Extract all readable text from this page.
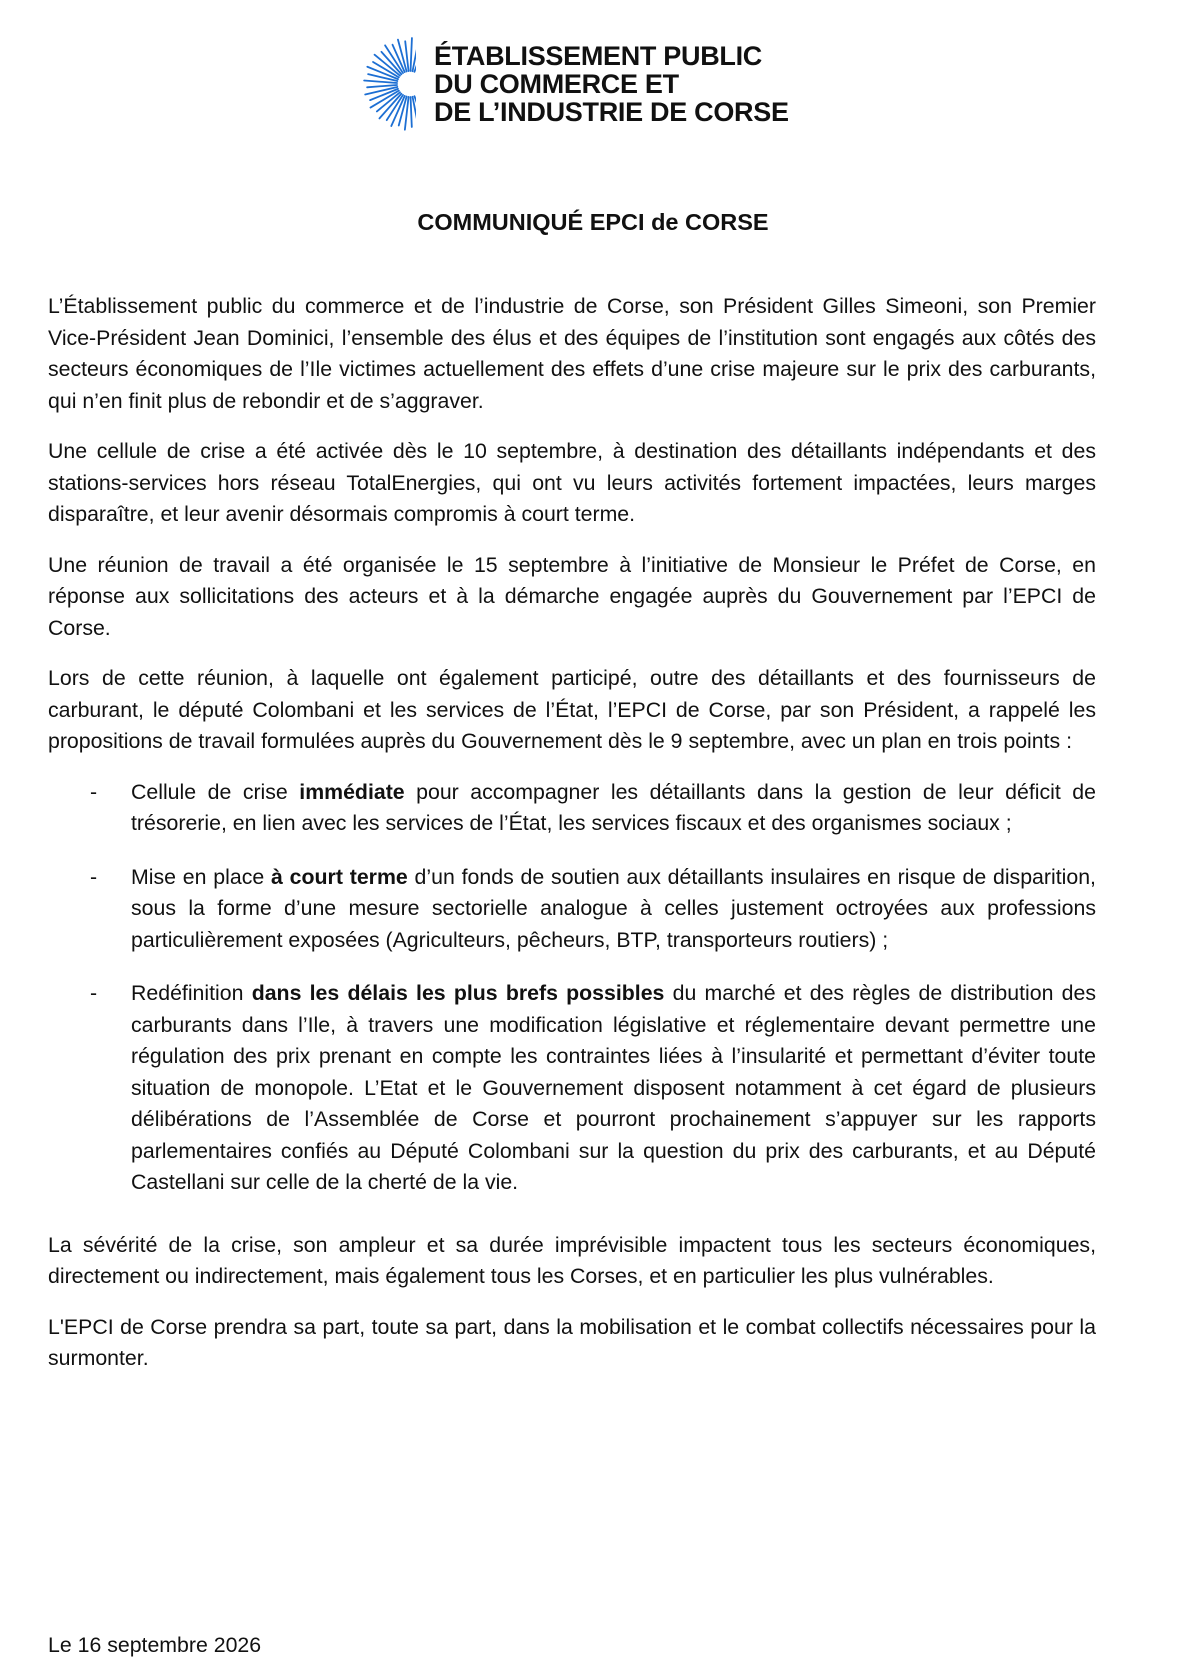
ÉTABLISSEMENT PUBLIC
DU COMMERCE ET
DE L’INDUSTRIE DE CORSE
COMMUNIQUÉ EPCI de CORSE

L’Établissement public du commerce et de l’industrie de Corse, son Président Gilles Simeoni, son Premier Vice-Président Jean Dominici, l’ensemble des élus et des équipes de l’institution sont engagés aux côtés des secteurs économiques de l’Ile victimes actuellement des effets d’une crise majeure sur le prix des carburants, qui n’en finit plus de rebondir et de s’aggraver.

Une cellule de crise a été activée dès le 10 septembre, à destination des détaillants indépendants et des stations-services hors réseau TotalEnergies, qui ont vu leurs activités fortement impactées, leurs marges disparaître, et leur avenir désormais compromis à court terme.

Une réunion de travail a été organisée le 15 septembre à l’initiative de Monsieur le Préfet de Corse, en réponse aux sollicitations des acteurs et à la démarche engagée auprès du Gouvernement par l’EPCI de Corse.

Lors de cette réunion, à laquelle ont également participé, outre des détaillants et des fournisseurs de carburant, le député Colombani et les services de l’État, l’EPCI de Corse, par son Président, a rappelé les propositions de travail formulées auprès du Gouvernement dès le 9 septembre, avec un plan en trois points :

- Cellule de crise immédiate pour accompagner les détaillants dans la gestion de leur déficit de trésorerie, en lien avec les services de l’État, les services fiscaux et des organismes sociaux ;
- Mise en place à court terme d’un fonds de soutien aux détaillants insulaires en risque de disparition, sous la forme d’une mesure sectorielle analogue à celles justement octroyées aux professions particulièrement exposées (Agriculteurs, pêcheurs, BTP, transporteurs routiers) ;
- Redéfinition dans les délais les plus brefs possibles du marché et des règles de distribution des carburants dans l’Ile, à travers une modification législative et réglementaire devant permettre une régulation des prix prenant en compte les contraintes liées à l’insularité et permettant d’éviter toute situation de monopole. L’Etat et le Gouvernement disposent notamment à cet égard de plusieurs délibérations de l’Assemblée de Corse et pourront prochainement s’appuyer sur les rapports parlementaires confiés au Député Colombani sur la question du prix des carburants, et au Député Castellani sur celle de la cherté de la vie.

La sévérité de la crise, son ampleur et sa durée imprévisible impactent tous les secteurs économiques, directement ou indirectement, mais également tous les Corses, et en particulier les plus vulnérables.

L'EPCI de Corse prendra sa part, toute sa part, dans la mobilisation et le combat collectifs nécessaires pour la surmonter.

Le 16 septembre 2026
